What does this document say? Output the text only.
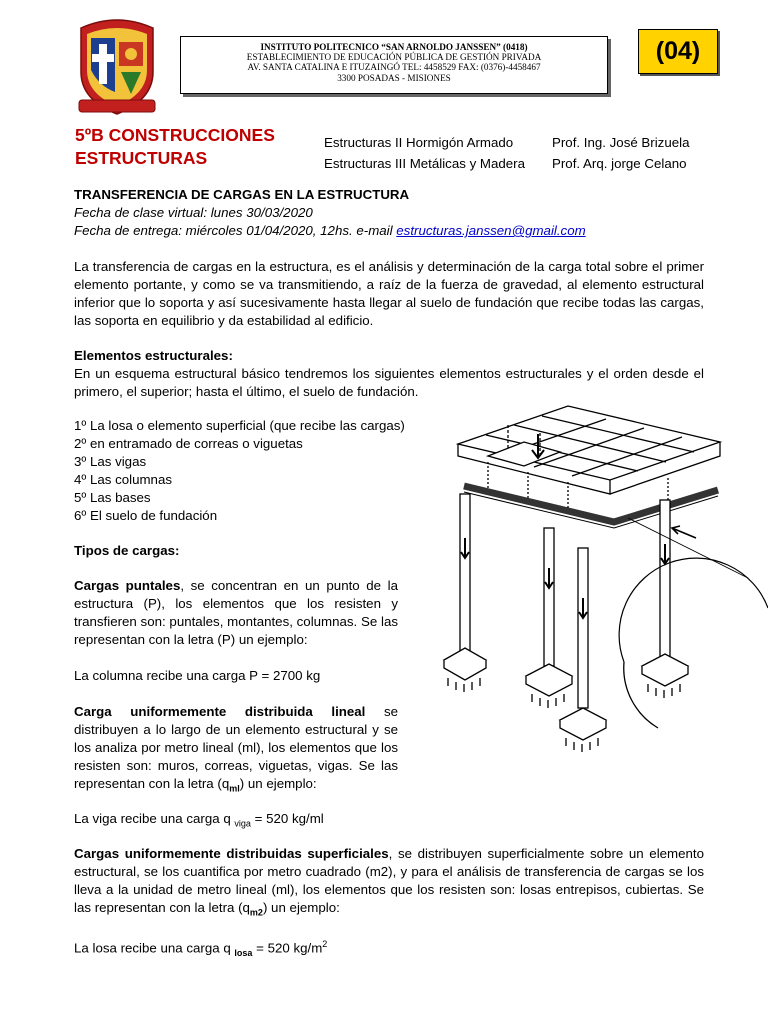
INSTITUTO POLITECNICO “SAN ARNOLDO JANSSEN” (0418)
ESTABLECIMIENTO DE EDUCACIÓN PÚBLICA DE GESTIÓN PRIVADA
AV. SANTA CATALINA E ITUZAINGÓ TEL: 4458529 FAX: (0376)-4458467
3300 POSADAS - MISIONES
(04)
5ºB CONSTRUCCIONES
ESTRUCTURAS
Estructuras II Hormigón Armado
Estructuras III Metálicas y Madera
Prof. Ing. José Brizuela
Prof. Arq. jorge Celano
TRANSFERENCIA DE CARGAS EN LA ESTRUCTURA
Fecha de clase virtual: lunes 30/03/2020
Fecha de entrega: miércoles 01/04/2020, 12hs. e-mail estructuras.janssen@gmail.com
La transferencia de cargas en la estructura, es el análisis y determinación de la carga total sobre el primer elemento portante, y como se va transmitiendo, a raíz de la fuerza de gravedad, al elemento estructural inferior que lo soporta y así sucesivamente hasta llegar al suelo de fundación que recibe todas las cargas, las soporta en equilibrio y da estabilidad al edificio.
Elementos estructurales:
En un esquema estructural básico tendremos los siguientes elementos estructurales y el orden desde el primero, el superior; hasta el último, el suelo de fundación.
1º La losa o elemento superficial (que recibe las cargas)
2º en entramado de correas o viguetas
3º Las vigas
4º Las columnas
5º Las bases
6º El suelo de fundación
Tipos de cargas:
Cargas puntales, se concentran en un punto de la estructura (P), los elementos que los resisten y transfieren son: puntales, montantes, columnas. Se las representan con la letra (P) un ejemplo:
La columna recibe una carga P = 2700 kg
Carga uniformemente distribuida lineal se distribuyen a lo largo de un elemento estructural y se los analiza por metro lineal (ml), los elementos que los resisten son: muros, correas, viguetas, vigas. Se las representan con la letra $(q_{ml})$ un ejemplo:
La viga recibe una carga q $_{viga}$ = 520 kg/ml
Cargas uniformemente distribuidas superficiales, se distribuyen superficialmente sobre un elemento estructural, se los cuantifica por metro cuadrado (m2), y para el análisis de transferencia de cargas se los lleva a la unidad de metro lineal (ml), los elementos que los resisten son: losas entrepisos, cubiertas. Se las representan con la letra $(q_{m2})$ un ejemplo:
La losa recibe una carga q $_{losa}$ = 520 $kg/m^2$
